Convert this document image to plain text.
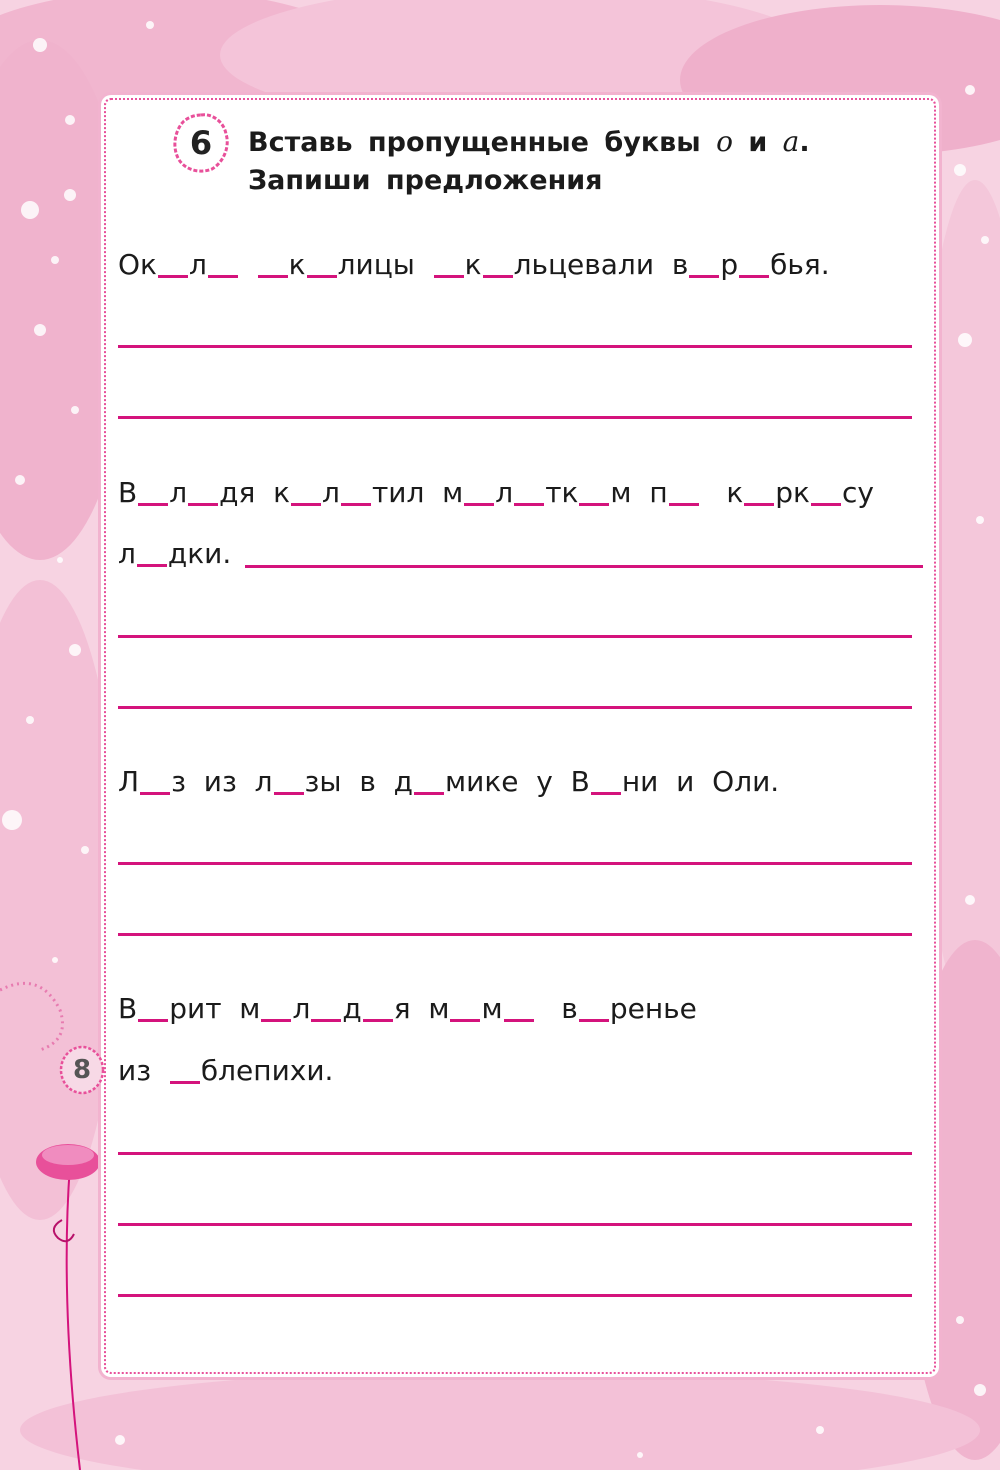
6	Вставь пропущенные буквы о и а.
Запиши предложения
Ок л	к лицы  к льцевали  в р бья.
В л дя  к л тил  м л тк м  п   к рк су
л дки.
Л з  из  л зы  в  д мике  у  В ни  и  Оли.
В рит  м л д я  м м   в ренье
из  блепихи.
8
